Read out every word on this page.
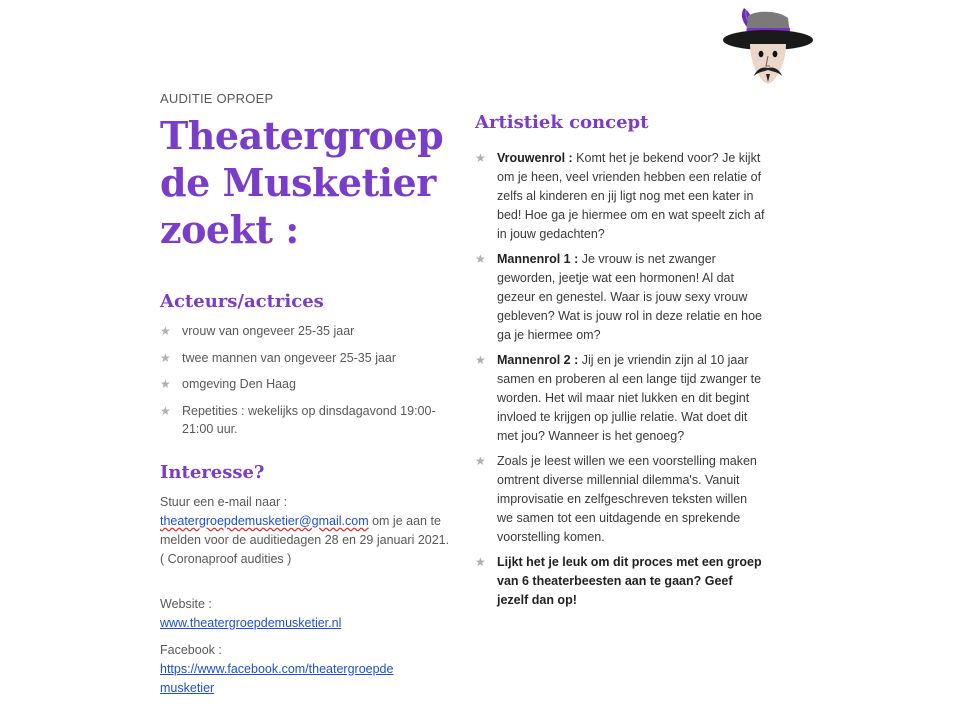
AUDITIE OPROEP

Theatergroep
de Musketier
zoekt :
Acteurs/actrices
★ vrouw van ongeveer 25-35 jaar
★ twee mannen van ongeveer 25-35 jaar
★ omgeving Den Haag
★ Repetities : wekelijks op dinsdagavond 19:00-21:00 uur.
Interesse?

Stuur een e-mail naar :
theatergroepdemusketier@gmail.com om je aan te melden voor de auditiedagen 28 en 29 januari 2021. ( Coronaproof audities )

Website :
www.theatergroepdemusketier.nl

Facebook :
https://www.facebook.com/theatergroepde
musketier

Artistiek concept
★ Vrouwenrol : Komt het je bekend voor? Je kijkt om je heen, veel vrienden hebben een relatie of zelfs al kinderen en jij ligt nog met een kater in bed! Hoe ga je hiermee om en wat speelt zich af in jouw gedachten?
★ Mannenrol 1 : Je vrouw is net zwanger geworden, jeetje wat een hormonen! Al dat gezeur en genestel. Waar is jouw sexy vrouw gebleven? Wat is jouw rol in deze relatie en hoe ga je hiermee om?
★ Mannenrol 2 : Jij en je vriendin zijn al 10 jaar samen en proberen al een lange tijd zwanger te worden. Het wil maar niet lukken en dit begint invloed te krijgen op jullie relatie. Wat doet dit met jou? Wanneer is het genoeg?
★ Zoals je leest willen we een voorstelling maken omtrent diverse millennial dilemma's. Vanuit improvisatie en zelfgeschreven teksten willen we samen tot een uitdagende en sprekende voorstelling komen.
★ Lijkt het je leuk om dit proces met een groep van 6 theaterbeesten aan te gaan? Geef jezelf dan op!
